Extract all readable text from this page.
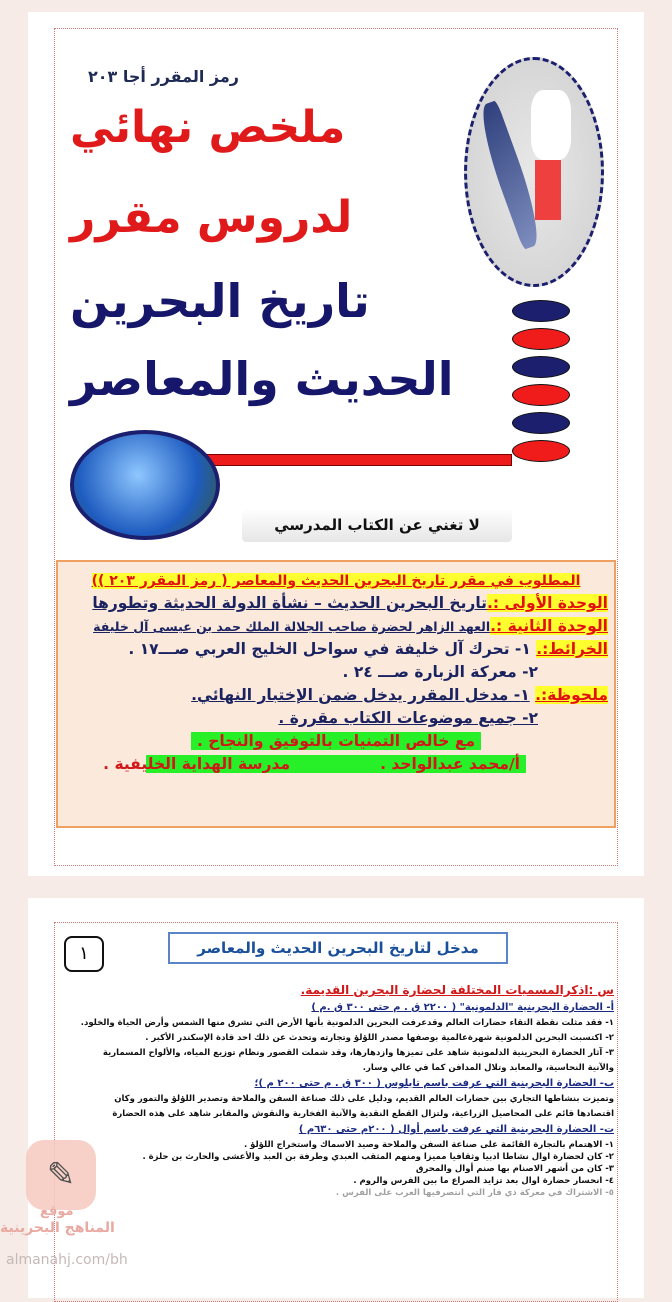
رمز المقرر أجا ٢٠٣
ملخص نهائي
لدروس مقرر
تاريخ البحرين
الحديث والمعاصر
لا تغني عن الكتاب المدرسي
المطلوب في مقرر تاريخ البحرين الحديث والمعاصر ( رمز المقرر ٢٠٣ ))
الوحدة الأولى :.تاريخ البحرين الحديث – نشأة الدولة الحديثة وتطورها
الوحدة الثانية :.العهد الزاهر لحضرة صاحب الجلالة الملك حمد بن عيسى آل خليفة
الخرائط:. ١- تحرك آل خليفة في سواحل الخليج العربي صـــ١٧ .
٢- معركة الزبارة صـــ ٢٤ .
ملحوظة:. ١- مدخل المقرر يدخل ضمن الإختبار النهائي.
٢- جميع موضوعات الكتاب مقررة .
مع خالص التمنيات بالتوفيق والنجاح .
أ/محمد عبدالواحد .مدرسة الهداية الخليفية .
١	مدخل لتاريخ البحرين الحديث والمعاصر
س :اذكرالمسميات المختلفة لحضارة البحرين القديمة.
أ- الحضارة البحرينية "الدلمونية" ( ٢٢٠٠ ق . م حتى ٣٠٠ ق .م )
١- فقد مثلت نقطة التقاء حضارات العالم وقدعرفت البحرين الدلمونية بأنها الأرض التي تشرق منها الشمس وأرض الحياة والخلود.
٢- اكتسبت البحرين الدلمونية شهرةعالمية بوصفها مصدر اللؤلؤ وتجارته وتحدث عن ذلك احد قادة الإسكندر الأكبر .
٣- آثار الحضارة البحرينية الدلمونية شاهد على تميزها وازدهارها، وقد شملت القصور ونظام توزيع المياه، والألواح المسمارية
والآنية النحاسية، والمعابد وتلال المدافن كما في عالي وسار.
ب- الحضارة البحرينية التي عرفت باسم تايلوس ( ٣٠٠ ق . م حتى ٢٠٠ م )؛
وتميزت بنشاطها التجاري بين حضارات العالم القديم، ودليل على ذلك صناعة السفن والملاحة وتصدير اللؤلؤ والتمور وكان
اقتصادها قائم على المحاصيل الزراعية، ولتزال القطع النقدية والآنية الفخارية والنقوش والمقابر شاهد على هذه الحضارة
ت- الحضارة البحرينية التي عرفت باسم أوال ( ٢٠٠م حتى ٦٣٠م )
١- الاهتمام بالتجارة القائمة على صناعة السفن والملاحة وصيد الاسماك واستخراج اللؤلؤ .
٢- كان لحضارة اوال نشاطا ادبيا وثقافيا مميزا ومنهم المثقب العبدي وطرفة بن العبد والأعشى والحارث بن حلزة .
٣- كان من أشهر الاصنام بها صنم أوال والمحرق
٤- انحسار حضارة اوال بعد تزايد الصراع ما بين الفرس والروم .
٥- الاشتراك في معركة ذي قار التي انتصرفيها العرب على الفرس .
✎
موقع
المناهج البحرينية
almanahj.com/bh
